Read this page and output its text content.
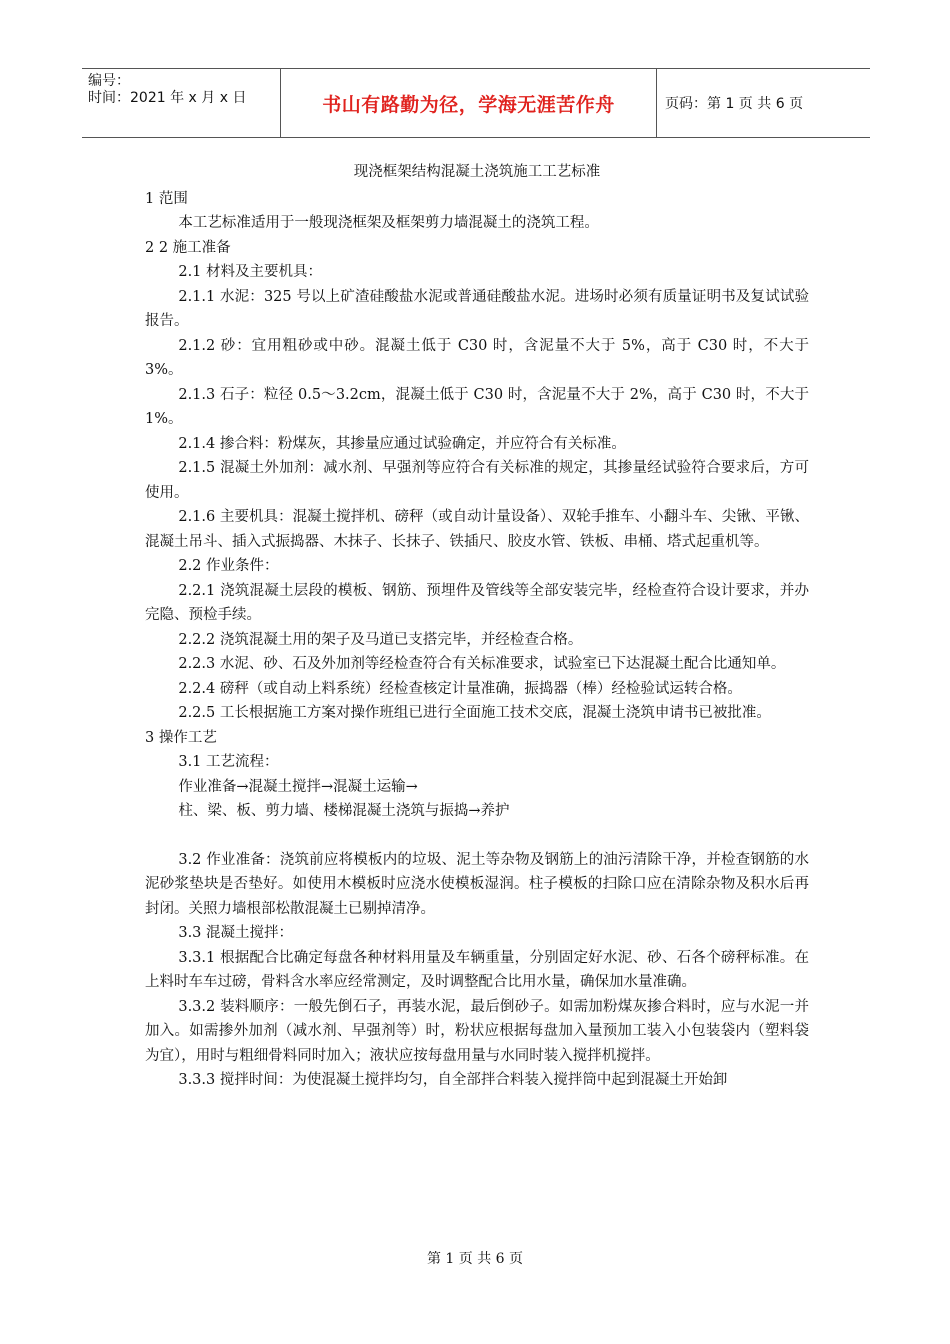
编号：
时间：2021 年 x 月 x 日	书山有路勤为径，学海无涯苦作舟	页码：第 1 页 共 6 页
现浇框架结构混凝土浇筑施工工艺标准

1 范围

本工艺标准适用于一般现浇框架及框架剪力墙混凝土的浇筑工程。

2 2 施工准备

2.1 材料及主要机具：

2.1.1 水泥：325 号以上矿渣硅酸盐水泥或普通硅酸盐水泥。进场时必须有质量证明书及复试试验报告。

2.1.2 砂：宜用粗砂或中砂。混凝土低于 C30 时，含泥量不大于 5%，高于 C30 时，不大于 3%。

2.1.3 石子：粒径 0.5～3.2cm，混凝土低于 C30 时，含泥量不大于 2%，高于 C30 时，不大于 1%。

2.1.4 掺合料：粉煤灰，其掺量应通过试验确定，并应符合有关标准。

2.1.5 混凝土外加剂：减水剂、早强剂等应符合有关标准的规定，其掺量经试验符合要求后，方可使用。

2.1.6 主要机具：混凝土搅拌机、磅秤（或自动计量设备）、双轮手推车、小翻斗车、尖锹、平锹、混凝土吊斗、插入式振捣器、木抹子、长抹子、铁插尺、胶皮水管、铁板、串桶、塔式起重机等。

2.2 作业条件：

2.2.1 浇筑混凝土层段的模板、钢筋、预埋件及管线等全部安装完毕，经检查符合设计要求，并办完隐、预检手续。

2.2.2 浇筑混凝土用的架子及马道已支搭完毕，并经检查合格。

2.2.3 水泥、砂、石及外加剂等经检查符合有关标准要求，试验室已下达混凝土配合比通知单。

2.2.4 磅秤（或自动上料系统）经检查核定计量准确，振捣器（棒）经检验试运转合格。

2.2.5 工长根据施工方案对操作班组已进行全面施工技术交底，混凝土浇筑申请书已被批准。

3 操作工艺

3.1 工艺流程：

作业准备→混凝土搅拌→混凝土运输→

柱、梁、板、剪力墙、楼梯混凝土浇筑与振捣→养护

3.2 作业准备：浇筑前应将模板内的垃圾、泥土等杂物及钢筋上的油污清除干净，并检查钢筋的水泥砂浆垫块是否垫好。如使用木模板时应浇水使模板湿润。柱子模板的扫除口应在清除杂物及积水后再封闭。关照力墙根部松散混凝土已剔掉清净。

3.3 混凝土搅拌：

3.3.1 根据配合比确定每盘各种材料用量及车辆重量，分别固定好水泥、砂、石各个磅秤标准。在上料时车车过磅，骨料含水率应经常测定，及时调整配合比用水量，确保加水量准确。

3.3.2 装料顺序：一般先倒石子，再装水泥，最后倒砂子。如需加粉煤灰掺合料时，应与水泥一并加入。如需掺外加剂（减水剂、早强剂等）时，粉状应根据每盘加入量预加工装入小包装袋内（塑料袋为宜），用时与粗细骨料同时加入；液状应按每盘用量与水同时装入搅拌机搅拌。

3.3.3 搅拌时间：为使混凝土搅拌均匀，自全部拌合料装入搅拌筒中起到混凝土开始卸

第 1 页 共 6 页
